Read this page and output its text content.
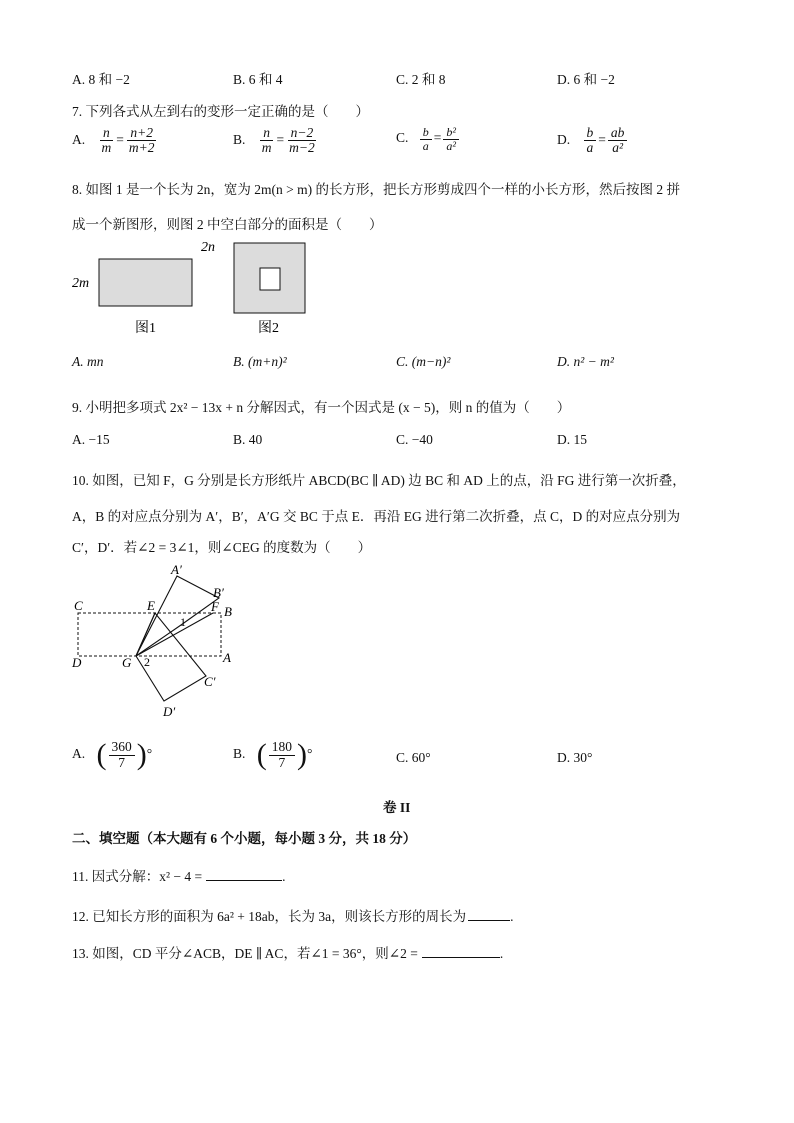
A. 8 和 −2	B. 6 和 4	C. 2 和 8	D. 6 和 −2
7. 下列各式从左到右的变形一定正确的是（　　）
A. $\frac{n}{m} = \frac{n+2}{m+2}$	B. $\frac{n}{m} = \frac{n-2}{m-2}$	C. $\frac{b}{a} = \frac{\text{b²}}{\text{a²}}$	D. $\frac{b}{a} = \frac{ab}{\text{a²}}$
8. 如图 1 是一个长为 2n，宽为 2m(n > m) 的长方形，把长方形剪成四个一样的小长方形，然后按图 2 拼
成一个新图形，则图 2 中空白部分的面积是（　　）
2n
2m
图1	图2
A. mn	B. (m+n)²	C. (m−n)²	D. n² − m²
9. 小明把多项式 2x² − 13x + n 分解因式，有一个因式是 (x − 5)，则 n 的值为（　　）
A. −15	B. 40	C. −40	D. 15
10. 如图，已知 F，G 分别是长方形纸片 ABCD(BC ∥ AD) 边 BC 和 AD 上的点，沿 FG 进行第一次折叠，
A，B 的对应点分别为 A′，B′，A′G 交 BC 于点 E．再沿 EG 进行第二次折叠，点 C，D 的对应点分别为
C′，D′．若∠2 = 3∠1，则∠CEG 的度数为（　　）
A′
B′
C	E	F B
1
D	G 2	A
C′
D′
A. ( $\frac{360}{7}$ )°	B. ( $\frac{180}{7}$ )°	C. 60°	D. 30°
卷 II
二、填空题（本大题有 6 个小题，每小题 3 分，共 18 分）
11. 因式分解：x² − 4 =	.
12. 已知长方形的面积为 6a² + 18ab，长为 3a，则该长方形的周长为	.
13. 如图，CD 平分∠ACB，DE ∥ AC，若∠1 = 36°，则∠2 =	.
